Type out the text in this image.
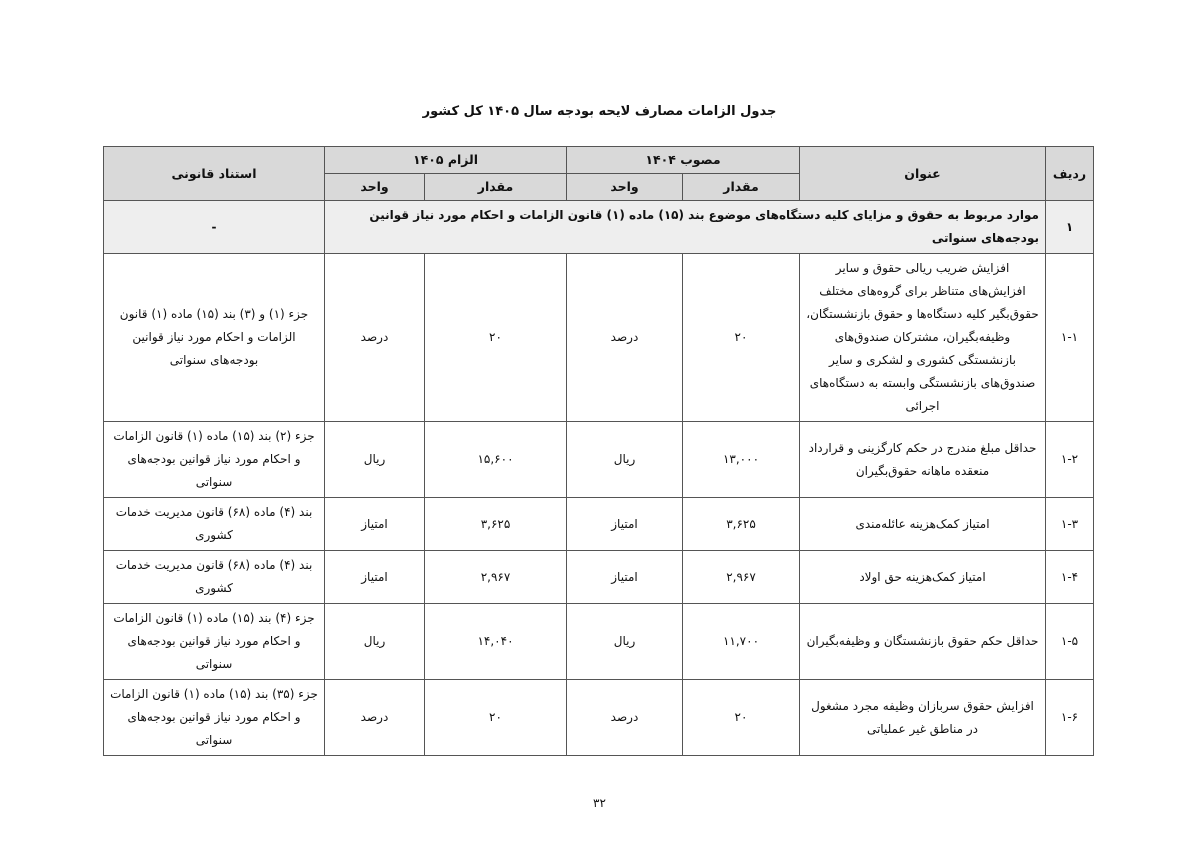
جدول الزامات مصارف لایحه بودجه سال ۱۴۰۵ کل کشور
ردیف	عنوان	مصوب ۱۴۰۴		الزام ۱۴۰۵		استناد قانونی
		مقدار	واحد	مقدار	واحد	
۱	موارد مربوط به حقوق و مزایای کلیه دستگاه‌های موضوع بند (۱۵) ماده (۱) قانون الزامات و احکام مورد نیاز قوانین بودجه‌های سنواتی					-
۱-۱	افزایش ضریب ریالی حقوق و سایر افزایش‌های متناظر برای گروه‌های مختلف حقوق‌بگیر کلیه دستگاه‌ها و حقوق بازنشستگان، وظیفه‌بگیران، مشترکان صندوق‌های بازنشستگی کشوری و لشکری و سایر صندوق‌های بازنشستگی وابسته به دستگاه‌های اجرائی	۲۰	درصد	۲۰	درصد	جزء (۱) و (۳) بند (۱۵) ماده (۱) قانون الزامات و احکام مورد نیاز قوانین بودجه‌های سنواتی
۱-۲	حداقل مبلغ مندرج در حکم کارگزینی و قرارداد منعقده ماهانه حقوق‌بگیران	۱۳,۰۰۰	ریال	۱۵,۶۰۰	ریال	جزء (۲) بند (۱۵) ماده (۱) قانون الزامات و احکام مورد نیاز قوانین بودجه‌های سنواتی
۱-۳	امتیاز کمک‌هزینه عائله‌مندی	۳,۶۲۵	امتیاز	۳,۶۲۵	امتیاز	بند (۴) ماده (۶۸) قانون مدیریت خدمات کشوری
۱-۴	امتیاز کمک‌هزینه حق اولاد	۲,۹۶۷	امتیاز	۲,۹۶۷	امتیاز	بند (۴) ماده (۶۸) قانون مدیریت خدمات کشوری
۱-۵	حداقل حکم حقوق بازنشستگان و وظیفه‌بگیران	۱۱,۷۰۰	ریال	۱۴,۰۴۰	ریال	جزء (۴) بند (۱۵) ماده (۱) قانون الزامات و احکام مورد نیاز قوانین بودجه‌های سنواتی
۱-۶	افزایش حقوق سربازان وظیفه مجرد مشغول در مناطق غیر عملیاتی	۲۰	درصد	۲۰	درصد	جزء (۳۵) بند (۱۵) ماده (۱) قانون الزامات و احکام مورد نیاز قوانین بودجه‌های سنواتی
۳۲
